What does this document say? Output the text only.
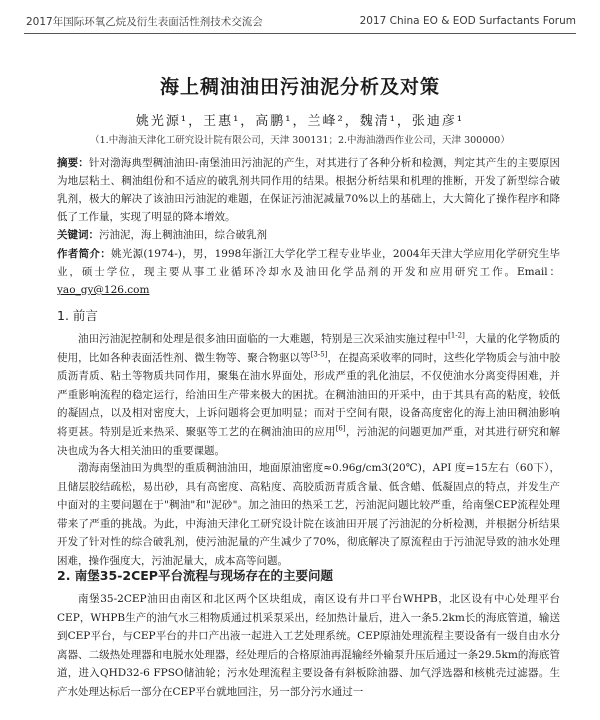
2017年国际环氧乙烷及衍生表面活性剂技术交流会	2017 China EO & EOD Surfactants Forum
海上稠油油田污油泥分析及对策
姚光源¹，王惠¹，高鹏¹，兰峰²，魏清¹，张迪彦¹
（1.中海油天津化工研究设计院有限公司，天津 300131；2.中海油渤西作业公司，天津 300000）
摘要：针对渤海典型稠油油田-南堡油田污油泥的产生，对其进行了各种分析和检测，判定其产生的主要原因为地层粘土、稠油组份和不适应的破乳剂共同作用的结果。根据分析结果和机理的推断，开发了新型综合破乳剂，极大的解决了该油田污油泥的难题，在保证污油泥减量70%以上的基础上，大大简化了操作程序和降低了工作量，实现了明显的降本增效。
关键词：污油泥，海上稠油油田，综合破乳剂
作者简介：姚光源(1974-)，男，1998年浙江大学化学工程专业毕业，2004年天津大学应用化学研究生毕业，硕士学位，现主要从事工业循环冷却水及油田化学品剂的开发和应用研究工作。Email：yao_gy@126.com
1. 前言
油田污油泥控制和处理是很多油田面临的一大难题，特别是三次采油实施过程中[1-2]，大量的化学物质的使用，比如各种表面活性剂、微生物等、聚合物驱以等[3-5]，在提高采收率的同时，这些化学物质会与油中胶质沥青质、粘土等物质共同作用，聚集在油水界面处，形成严重的乳化油层，不仅使油水分离变得困难，并严重影响流程的稳定运行，给油田生产带来极大的困扰。在稠油油田的开采中，由于其具有高的粘度，较低的凝固点，以及相对密度大，上诉问题将会更加明显；而对于空间有限，设备高度密化的海上油田稠油影响将更甚。特别是近来热采、聚驱等工艺的在稠油油田的应用[6]，污油泥的问题更加严重，对其进行研究和解决也成为各大相关油田的重要课题。
渤海南堡油田为典型的重质稠油油田，地面原油密度≈0.96g/cm3(20℃)，API 度=15左右（60下），且储层胶结疏松，易出砂，具有高密度、高粘度、高胶质沥青质含量、低含蜡、低凝固点的特点，并发生产中面对的主要问题在于"稠油"和"泥砂"。加之油田的热采工艺，污油泥问题比较严重，给南堡CEP流程处理带来了严重的挑战。为此，中海油天津化工研究设计院在该油田开展了污油泥的分析检测，并根据分析结果开发了针对性的综合破乳剂，使污油泥量的产生减少了70%，彻底解决了原流程由于污油泥导致的油水处理困难，操作强度大，污油泥量大，成本高等问题。
2. 南堡35-2CEP平台流程与现场存在的主要问题
南堡35-2CEP油田由南区和北区两个区块组成，南区设有井口平台WHPB，北区设有中心处理平台CEP，WHPB生产的油气水三相物质通过机采泵采出，经加热计量后，进入一条5.2km长的海底管道，输送到CEP平台，与CEP平台的井口产出液一起进入工艺处理系统。CEP原油处理流程主要设备有一级自由水分离器、二级热处理器和电脱水处理器，经处理后的合格原油再混输经外输泵升压后通过一条29.5km的海底管道，进入QHD32-6 FPSO储油轮；污水处理流程主要设备有斜板除油器、加气浮选器和核桃壳过滤器。生产水处理达标后一部分在CEP平台就地回注，另一部分污水通过一
